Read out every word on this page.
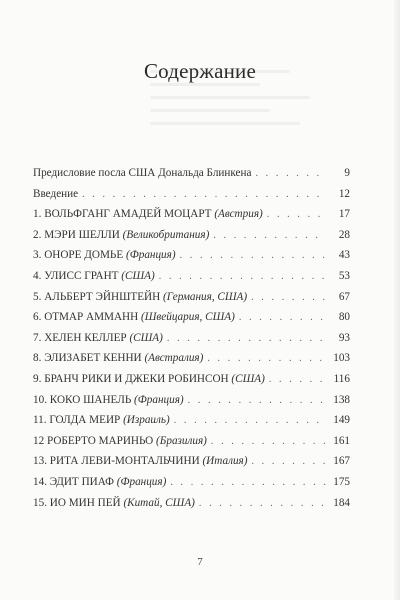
Содержание
Предисловие посла США Дональда Блинкена . . .	9
Введение . . .	12
1. ВОЛЬФГАНГ АМАДЕЙ МОЦАРТ (Австрия) . . .	17
2. МЭРИ ШЕЛЛИ (Великобритания) . . .	28
3. ОНОРЕ ДОМЬЕ (Франция) . . .	43
4. УЛИСС ГРАНТ (США) . . .	53
5. АЛЬБЕРТ ЭЙНШТЕЙН (Германия, США) . . .	67
6. ОТМАР АММАНН (Швейцария, США) . . .	80
7. ХЕЛЕН КЕЛЛЕР (США) . . .	93
8. ЭЛИЗАБЕТ КЕННИ (Австралия) . . .	103
9. БРАНЧ РИКИ И ДЖЕКИ РОБИНСОН (США) . . .	116
10. КОКО ШАНЕЛЬ (Франция) . . .	138
11. ГОЛДА МЕИР (Израиль) . . .	149
12 РОБЕРТО МАРИНЬО (Бразилия) . . .	161
13. РИТА ЛЕВИ-МОНТАЛЬЧИНИ (Италия) . . .	167
14. ЭДИТ ПИАФ (Франция) . . .	175
15. ИО МИН ПЕЙ (Китай, США) . . .	184
7
